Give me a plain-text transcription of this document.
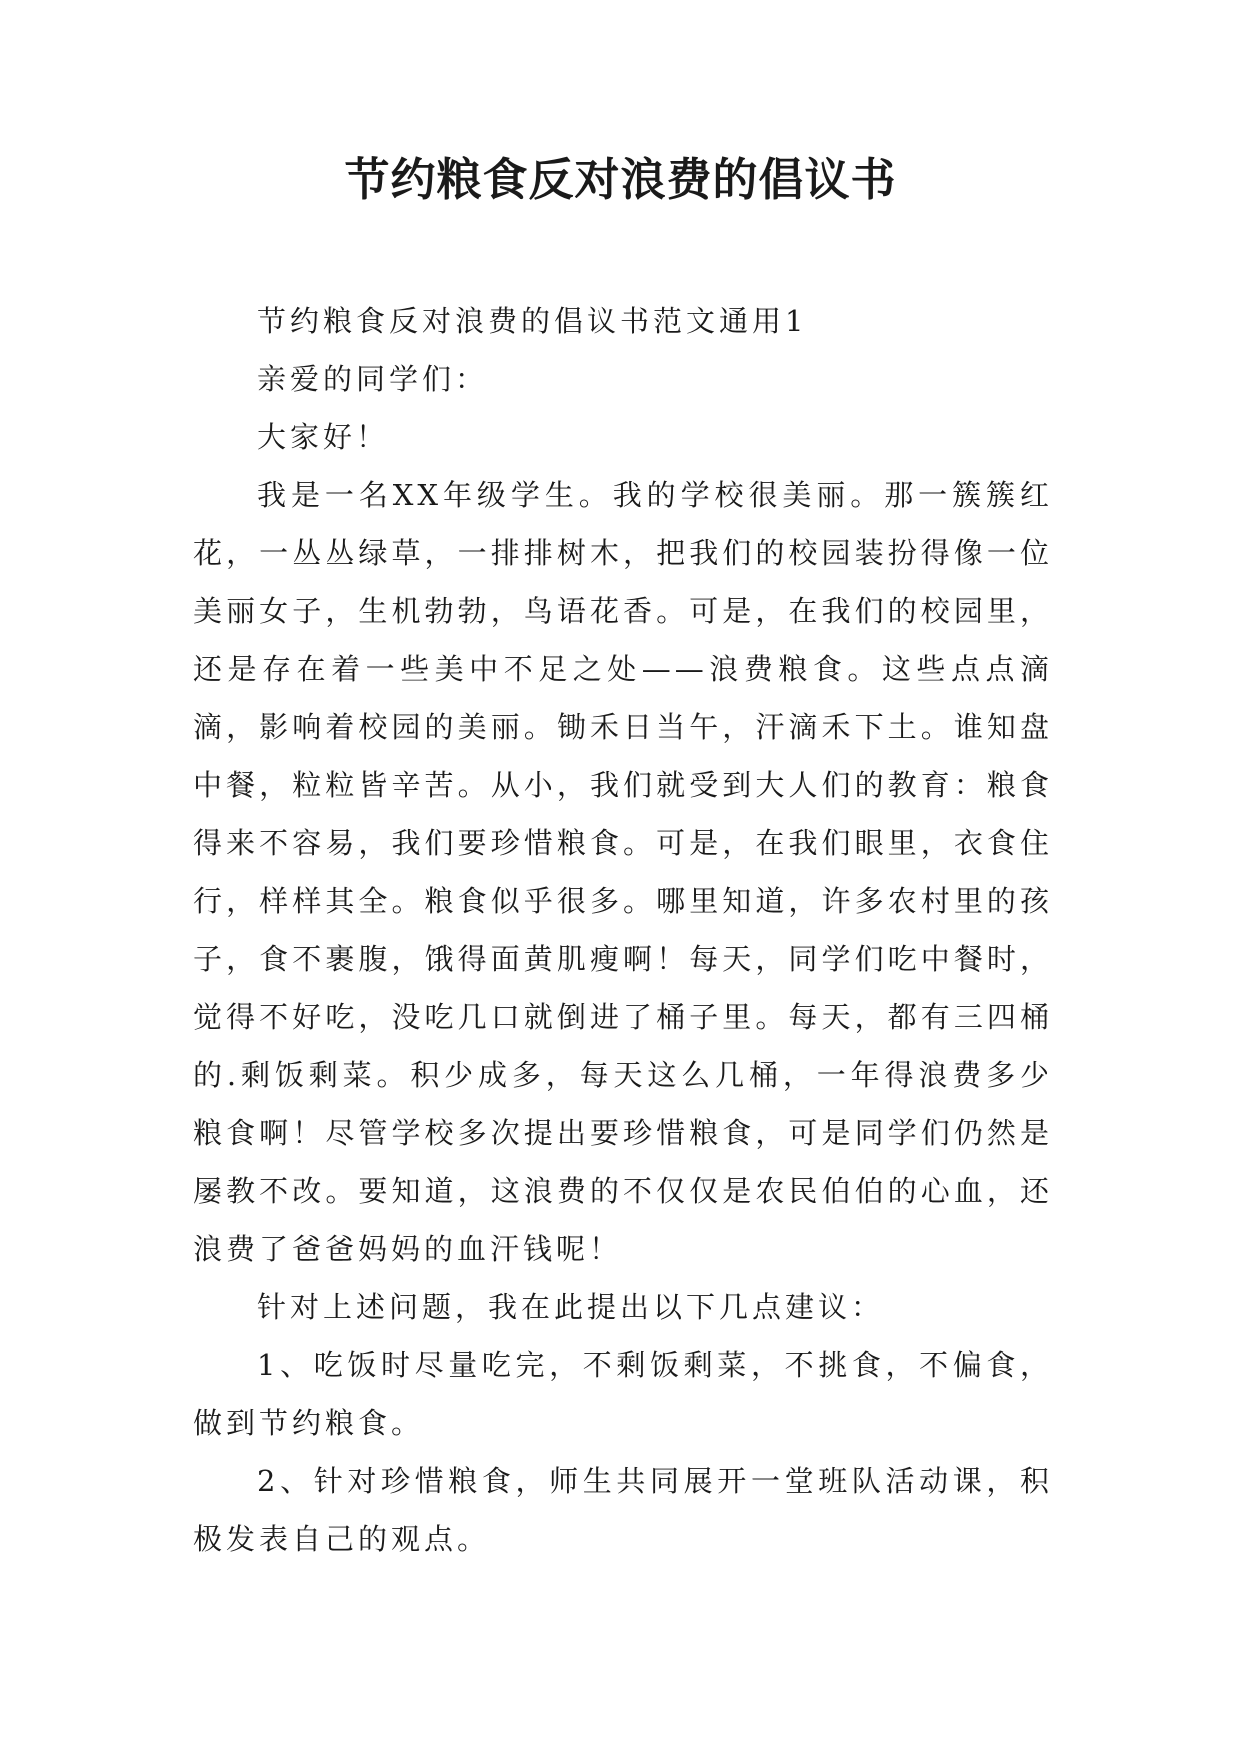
节约粮食反对浪费的倡议书

节约粮食反对浪费的倡议书范文通用1

亲爱的同学们：

大家好！

我是一名XX年级学生。我的学校很美丽。那一簇簇红花，一丛丛绿草，一排排树木，把我们的校园装扮得像一位美丽女子，生机勃勃，鸟语花香。可是，在我们的校园里，还是存在着一些美中不足之处——浪费粮食。这些点点滴滴，影响着校园的美丽。锄禾日当午，汗滴禾下土。谁知盘中餐，粒粒皆辛苦。从小，我们就受到大人们的教育：粮食得来不容易，我们要珍惜粮食。可是，在我们眼里，衣食住行，样样其全。粮食似乎很多。哪里知道，许多农村里的孩子，食不裹腹，饿得面黄肌瘦啊！每天，同学们吃中餐时，觉得不好吃，没吃几口就倒进了桶子里。每天，都有三四桶的.剩饭剩菜。积少成多，每天这么几桶，一年得浪费多少粮食啊！尽管学校多次提出要珍惜粮食，可是同学们仍然是屡教不改。要知道，这浪费的不仅仅是农民伯伯的心血，还浪费了爸爸妈妈的血汗钱呢！

针对上述问题，我在此提出以下几点建议：

1、吃饭时尽量吃完，不剩饭剩菜，不挑食，不偏食，做到节约粮食。

2、针对珍惜粮食，师生共同展开一堂班队活动课，积极发表自己的观点。
